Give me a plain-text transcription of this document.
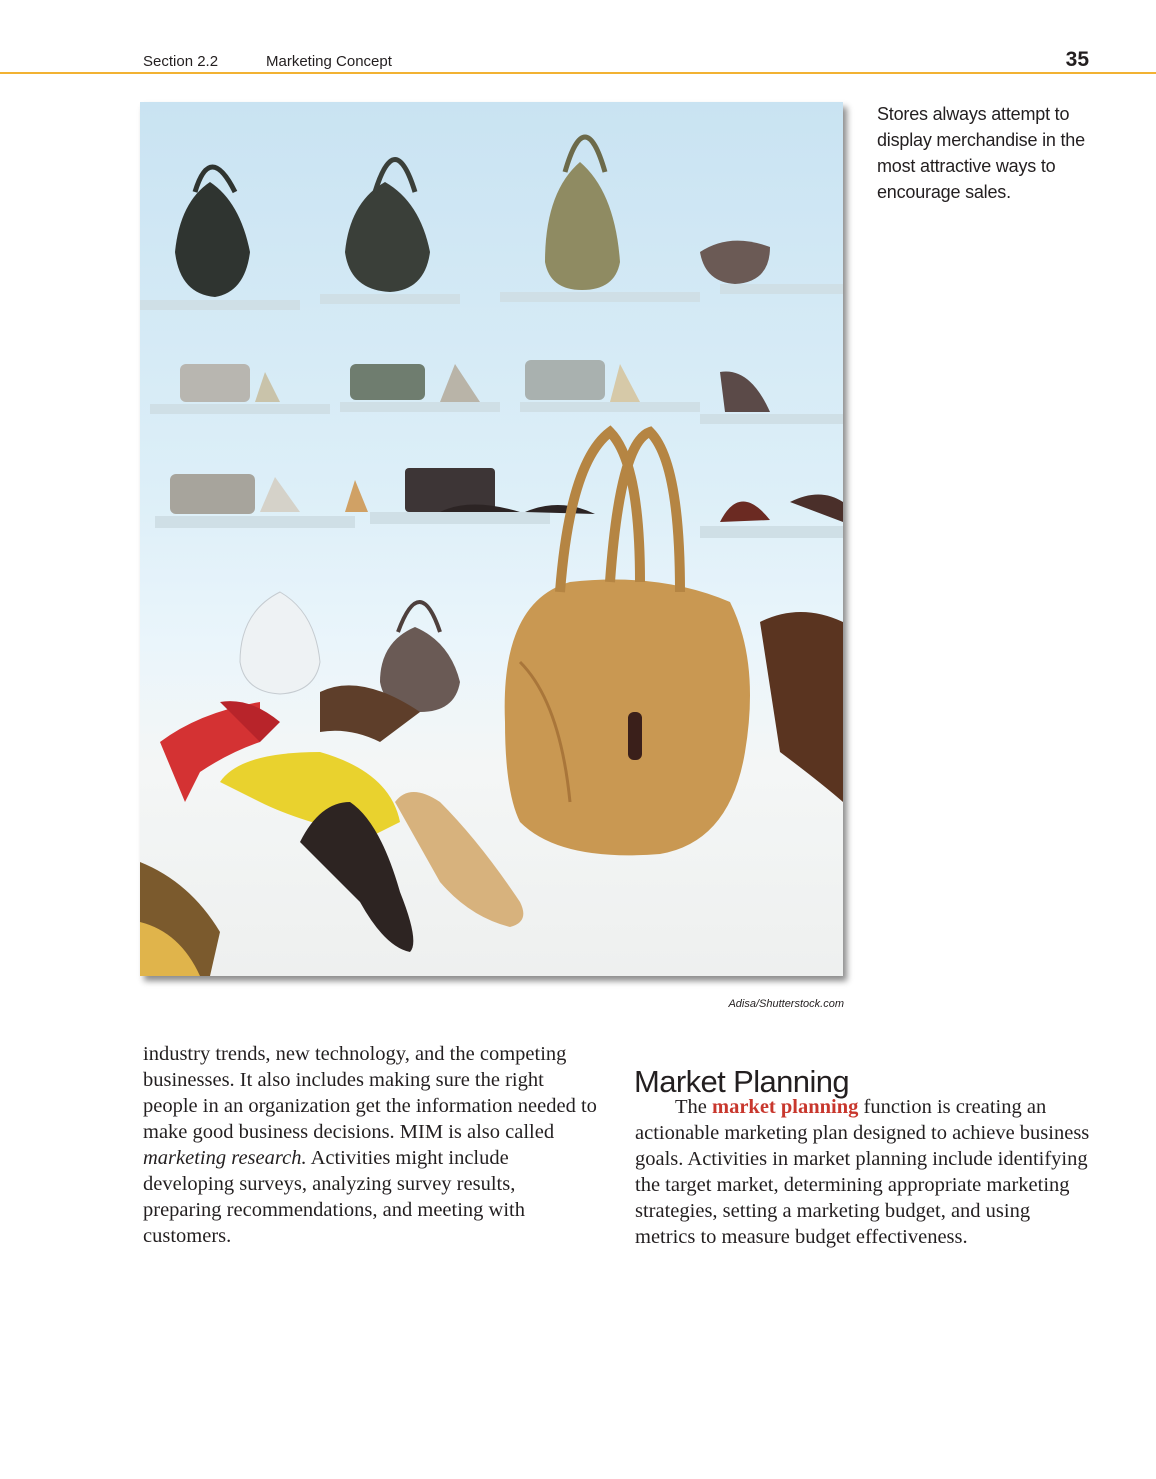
Section 2.2	Marketing Concept	35
Stores always attempt to display merchandise in the most attractive ways to encourage sales.
Adisa/Shutterstock.com

industry trends, new technology, and the competing businesses. It also includes making sure the right people in an organization get the information needed to make good business decisions. MIM is also called marketing research. Activities might include developing surveys, analyzing survey results, preparing recommendations, and meeting with customers.

Market Planning

The market planning function is creating an actionable marketing plan designed to achieve business goals. Activities in market planning include identifying the target market, determining appropriate marketing strategies, setting a marketing budget, and using metrics to measure budget effectiveness.
